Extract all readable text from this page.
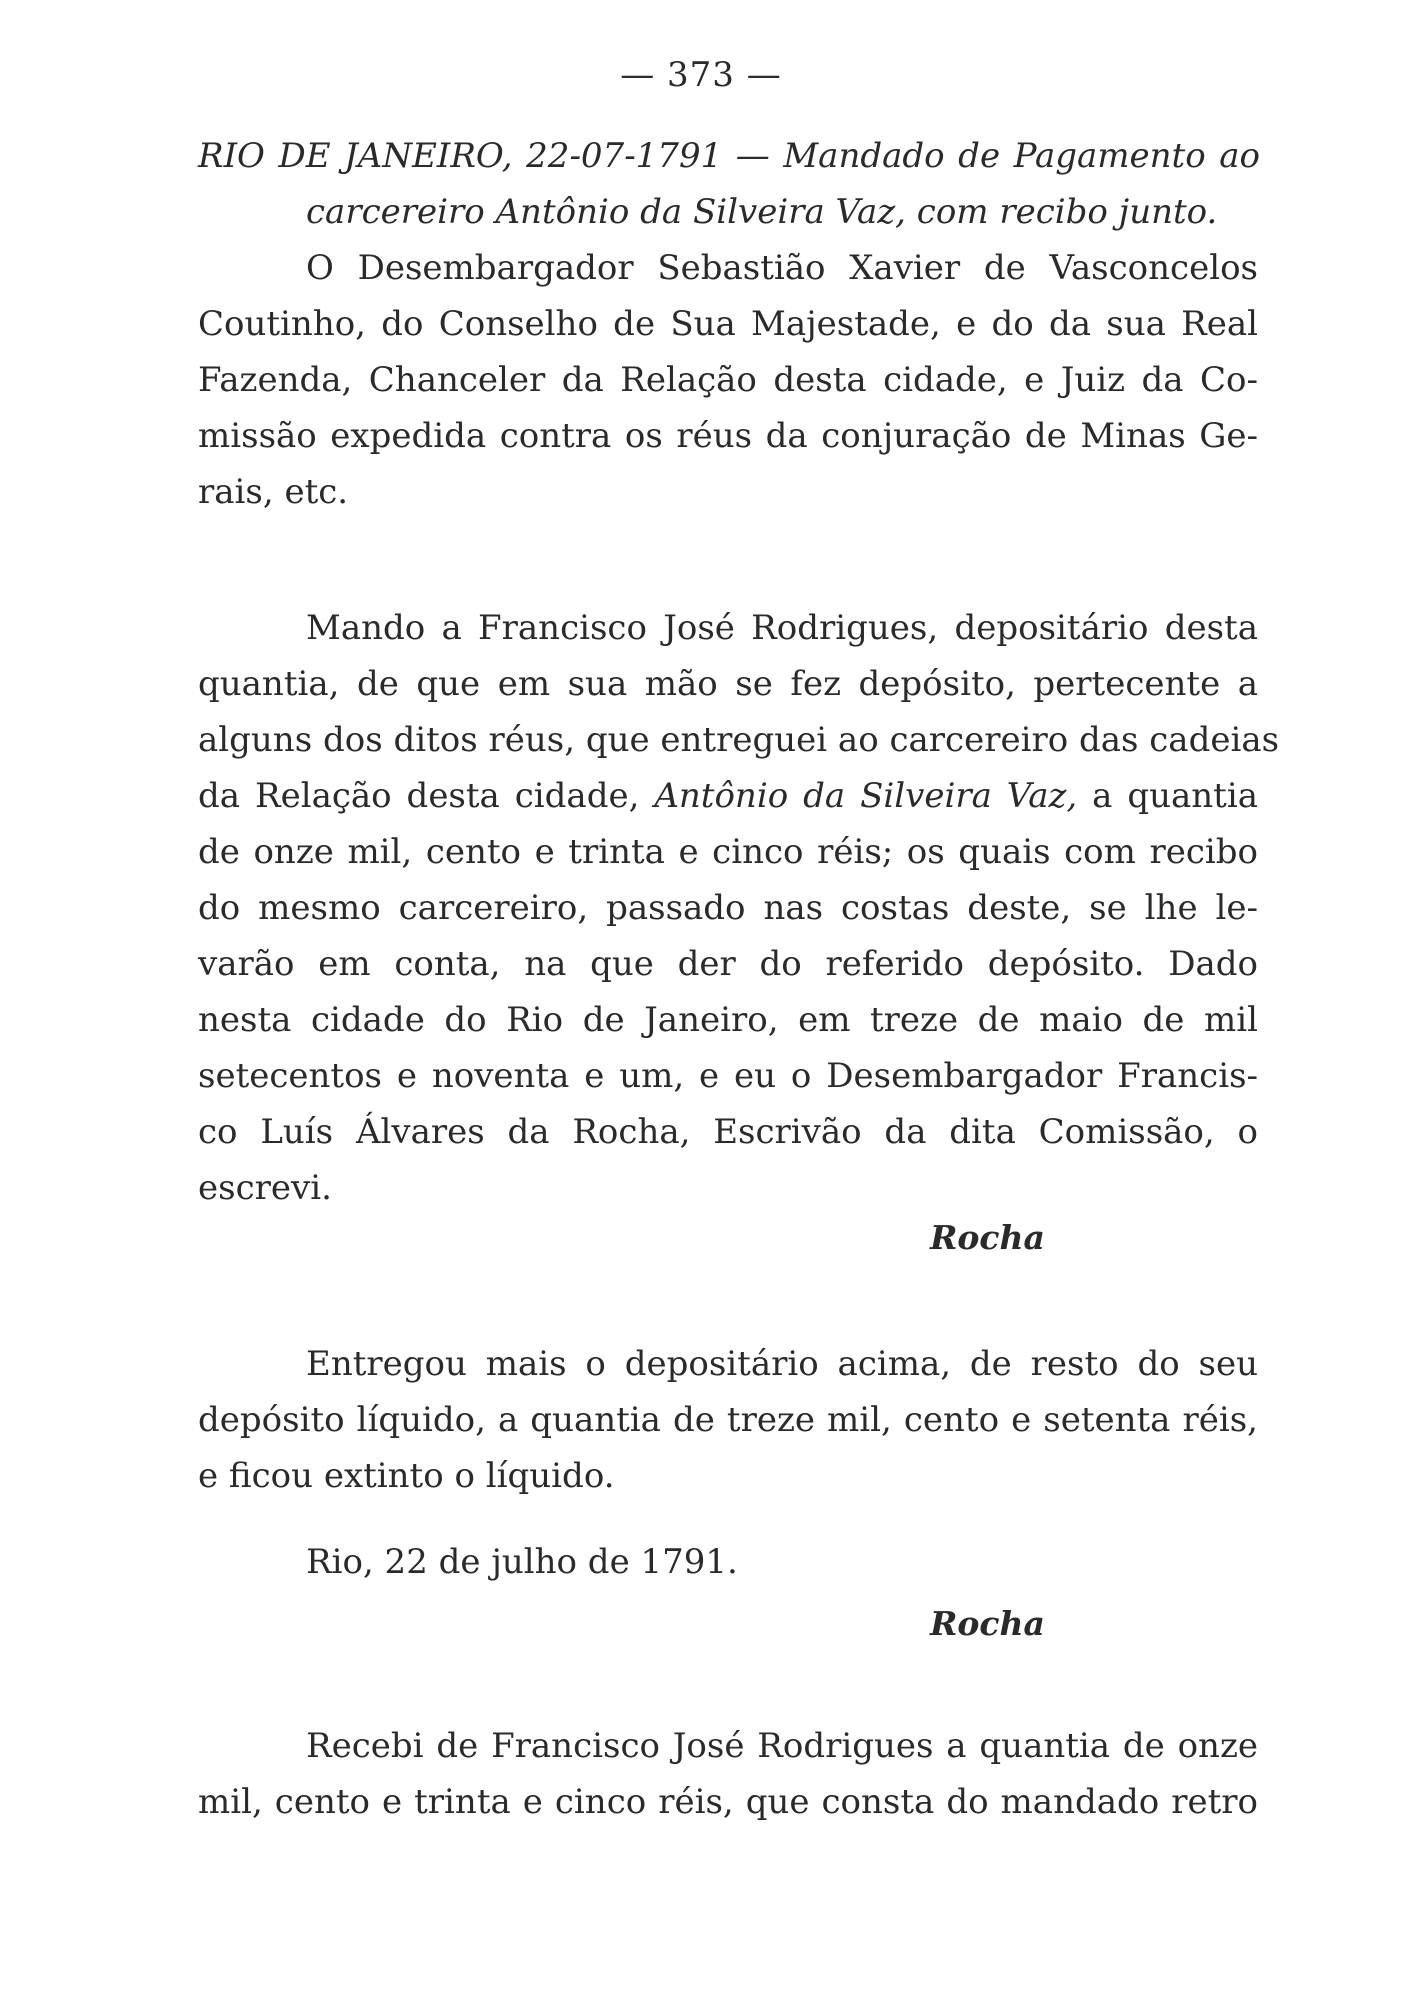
— 373 —
RIO DE JANEIRO, 22-07-1791 — Mandado de Pagamento ao
carcereiro Antônio da Silveira Vaz, com recibo junto.
O Desembargador Sebastião Xavier de Vasconcelos
Coutinho, do Conselho de Sua Majestade, e do da sua Real
Fazenda, Chanceler da Relação desta cidade, e Juiz da Co-
missão expedida contra os réus da conjuração de Minas Ge-
rais, etc.
Mando a Francisco José Rodrigues, depositário desta
quantia, de que em sua mão se fez depósito, pertecente a
alguns dos ditos réus, que entreguei ao carcereiro das cadeias
da Relação desta cidade, Antônio da Silveira Vaz, a quantia
de onze mil, cento e trinta e cinco réis; os quais com recibo
do mesmo carcereiro, passado nas costas deste, se lhe le-
varão em conta, na que der do referido depósito. Dado
nesta cidade do Rio de Janeiro, em treze de maio de mil
setecentos e noventa e um, e eu o Desembargador Francis-
co Luís Álvares da Rocha, Escrivão da dita Comissão, o
escrevi.
Rocha
Entregou mais o depositário acima, de resto do seu
depósito líquido, a quantia de treze mil, cento e setenta réis,
e ficou extinto o líquido.
Rio, 22 de julho de 1791.
Rocha
Recebi de Francisco José Rodrigues a quantia de onze
mil, cento e trinta e cinco réis, que consta do mandado retro
